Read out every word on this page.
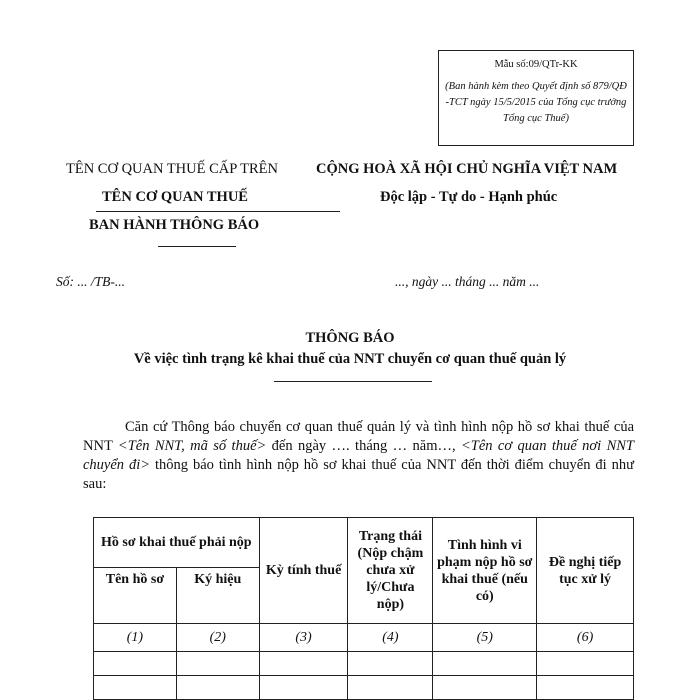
Mẫu số:09/QTr-KK
(Ban hành kèm theo Quyết định số 879/QĐ -TCT ngày 15/5/2015 của Tổng cục trưởng Tổng cục Thuế)
TÊN CƠ QUAN THUẾ CẤP TRÊN
TÊN CƠ QUAN THUẾ
BAN HÀNH THÔNG BÁO
CỘNG HOÀ XÃ HỘI CHỦ NGHĨA VIỆT NAM
Độc lập - Tự do - Hạnh phúc
Số: ... /TB-...	..., ngày ... tháng ... năm ...
THÔNG BÁO
Về việc tình trạng kê khai thuế của NNT chuyển cơ quan thuế quản lý

Căn cứ Thông báo chuyển cơ quan thuế quản lý và tình hình nộp hồ sơ khai thuế của NNT <Tên NNT, mã số thuế> đến ngày …. tháng … năm…, <Tên cơ quan thuế nơi NNT chuyển đi> thông báo tình hình nộp hồ sơ khai thuế của NNT đến thời điểm chuyển đi như sau:

Hồ sơ khai thuế phải nộp		Kỳ tính thuế	Trạng thái (Nộp chậm chưa xử lý/Chưa nộp)	Tình hình vi phạm nộp hồ sơ khai thuế (nếu có)	Đề nghị tiếp tục xử lý
Tên hồ sơ	Ký hiệu				
(1)	(2)	(3)	(4)	(5)	(6)
